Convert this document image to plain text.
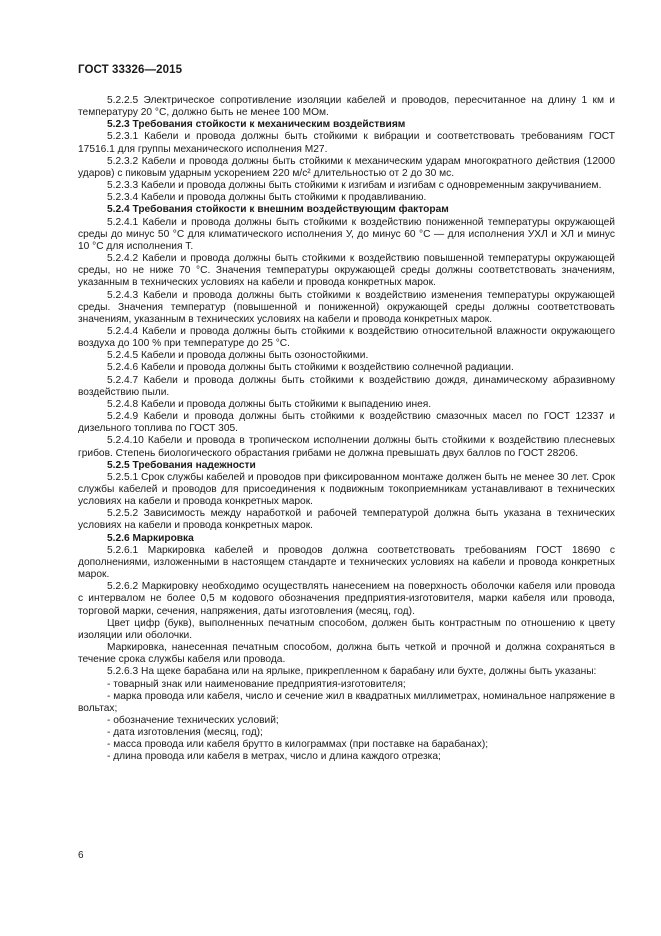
ГОСТ 33326—2015

5.2.2.5 Электрическое сопротивление изоляции кабелей и проводов, пересчитанное на длину 1 км и температуру 20 °С, должно быть не менее 100 МОм.

5.2.3 Требования стойкости к механическим воздействиям

5.2.3.1 Кабели и провода должны быть стойкими к вибрации и соответствовать требованиям ГОСТ 17516.1 для группы механического исполнения М27.

5.2.3.2 Кабели и провода должны быть стойкими к механическим ударам многократного действия (12000 ударов) с пиковым ударным ускорением 220 м/с² длительностью от 2 до 30 мс.

5.2.3.3 Кабели и провода должны быть стойкими к изгибам и изгибам с одновременным закручиванием.

5.2.3.4 Кабели и провода должны быть стойкими к продавливанию.

5.2.4 Требования стойкости к внешним воздействующим факторам

5.2.4.1 Кабели и провода должны быть стойкими к воздействию пониженной температуры окружающей среды до минус 50 °С для климатического исполнения У, до минус 60 °С — для исполнения УХЛ и ХЛ и минус 10 °С для исполнения Т.

5.2.4.2 Кабели и провода должны быть стойкими к воздействию повышенной температуры окружающей среды, но не ниже 70 °С. Значения температуры окружающей среды должны соответствовать значениям, указанным в технических условиях на кабели и провода конкретных марок.

5.2.4.3 Кабели и провода должны быть стойкими к воздействию изменения температуры окружающей среды. Значения температур (повышенной и пониженной) окружающей среды должны соответствовать значениям, указанным в технических условиях на кабели и провода конкретных марок.

5.2.4.4 Кабели и провода должны быть стойкими к воздействию относительной влажности окружающего воздуха до 100 % при температуре до 25 °С.

5.2.4.5 Кабели и провода должны быть озоностойкими.

5.2.4.6 Кабели и провода должны быть стойкими к воздействию солнечной радиации.

5.2.4.7 Кабели и провода должны быть стойкими к воздействию дождя, динамическому абразивному воздействию пыли.

5.2.4.8 Кабели и провода должны быть стойкими к выпадению инея.

5.2.4.9 Кабели и провода должны быть стойкими к воздействию смазочных масел по ГОСТ 12337 и дизельного топлива по ГОСТ 305.

5.2.4.10 Кабели и провода в тропическом исполнении должны быть стойкими к воздействию плесневых грибов. Степень биологического обрастания грибами не должна превышать двух баллов по ГОСТ 28206.

5.2.5 Требования надежности

5.2.5.1 Срок службы кабелей и проводов при фиксированном монтаже должен быть не менее 30 лет. Срок службы кабелей и проводов для присоединения к подвижным токоприемникам устанавливают в технических условиях на кабели и провода конкретных марок.

5.2.5.2 Зависимость между наработкой и рабочей температурой должна быть указана в технических условиях на кабели и провода конкретных марок.

5.2.6 Маркировка

5.2.6.1 Маркировка кабелей и проводов должна соответствовать требованиям ГОСТ 18690 с дополнениями, изложенными в настоящем стандарте и технических условиях на кабели и провода конкретных марок.

5.2.6.2 Маркировку необходимо осуществлять нанесением на поверхность оболочки кабеля или провода с интервалом не более 0,5 м кодового обозначения предприятия-изготовителя, марки кабеля или провода, торговой марки, сечения, напряжения, даты изготовления (месяц, год).

Цвет цифр (букв), выполненных печатным способом, должен быть контрастным по отношению к цвету изоляции или оболочки.

Маркировка, нанесенная печатным способом, должна быть четкой и прочной и должна сохраняться в течение срока службы кабеля или провода.

5.2.6.3 На щеке барабана или на ярлыке, прикрепленном к барабану или бухте, должны быть указаны:

- товарный знак или наименование предприятия-изготовителя;

- марка провода или кабеля, число и сечение жил в квадратных миллиметрах, номинальное напряжение в вольтах;

- обозначение технических условий;

- дата изготовления (месяц, год);

- масса провода или кабеля брутто в килограммах (при поставке на барабанах);

- длина провода или кабеля в метрах, число и длина каждого отрезка;

6
